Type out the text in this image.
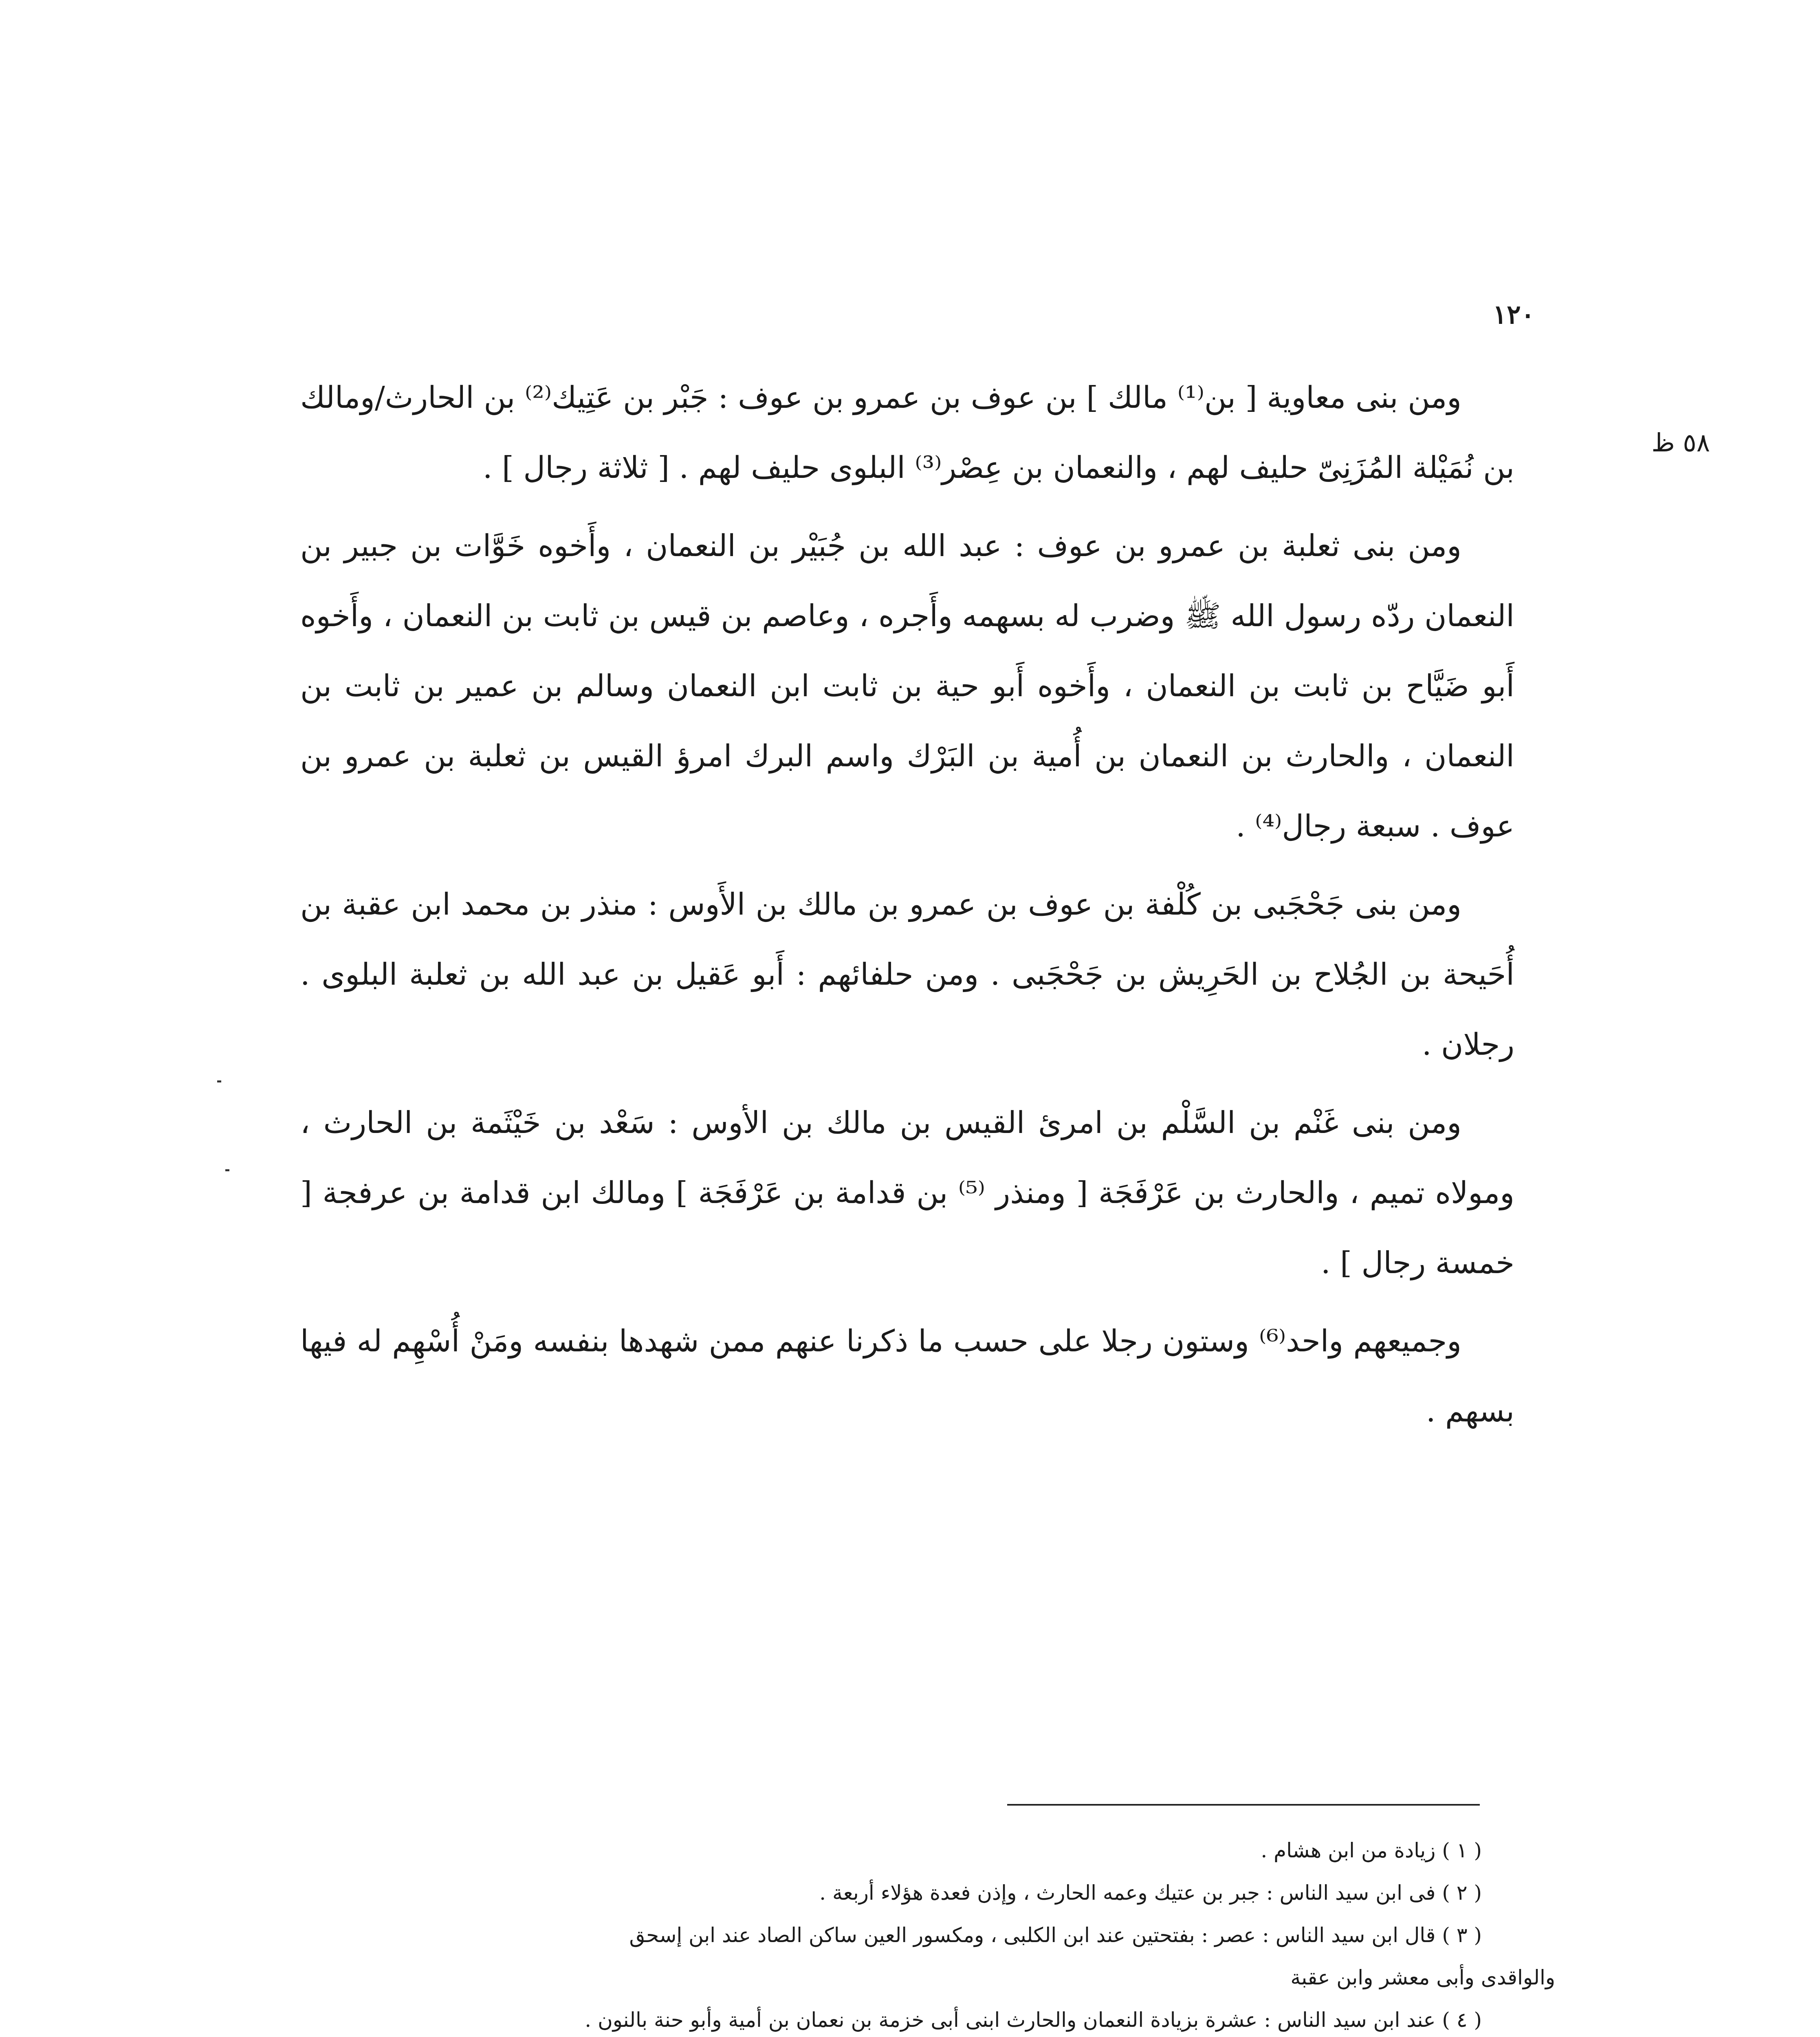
١٢٠
٥٨ ظ

ومن بنى معاوية [ بن⁽¹⁾ مالك ] بن عوف بن عمرو بن عوف : جَبْر بن عَتِيك⁽²⁾ بن الحارث/ومالك بن نُمَيْلة المُزَنِىّ حليف لهم ، والنعمان بن عِصْر⁽³⁾ البلوى حليف لهم . [ ثلاثة رجال ] .

ومن بنى ثعلبة بن عمرو بن عوف : عبد الله بن جُبَيْر بن النعمان ، وأَخوه خَوَّات بن جبير بن النعمان ردّه رسول الله ﷺ وضرب له بسهمه وأَجره ، وعاصم بن قيس بن ثابت بن النعمان ، وأَخوه أَبو ضَيَّاح بن ثابت بن النعمان ، وأَخوه أَبو حية بن ثابت ابن النعمان وسالم بن عمير بن ثابت بن النعمان ، والحارث بن النعمان بن أُمية بن البَرْك واسم البرك امرؤ القيس بن ثعلبة بن عمرو بن عوف . سبعة رجال⁽⁴⁾ .

ومن بنى جَحْجَبى بن كُلْفة بن عوف بن عمرو بن مالك بن الأَوس : منذر بن محمد ابن عقبة بن أُحَيحة بن الجُلاح بن الحَرِيش بن جَحْجَبى . ومن حلفائهم : أَبو عَقيل بن عبد الله بن ثعلبة البلوى . رجلان .

ومن بنى غَنْم بن السَّلْم بن امرئ القيس بن مالك بن الأوس : سَعْد بن خَيْثَمة بن الحارث ، ومولاه تميم ، والحارث بن عَرْفَجَة [ ومنذر ⁽⁵⁾ بن قدامة بن عَرْفَجَة ] ومالك ابن قدامة بن عرفجة [ خمسة رجال ] .

وجميعهم واحد⁽⁶⁾ وستون رجلا على حسب ما ذكرنا عنهم ممن شهدها بنفسه ومَنْ أُسْهِم له فيها بسهم .

( ١ ) زيادة من ابن هشام .

( ٢ ) فى ابن سيد الناس : جبر بن عتيك وعمه الحارث ، وإذن فعدة هؤلاء أربعة .

( ٣ ) قال ابن سيد الناس : عصر : بفتحتين عند ابن الكلبى ، ومكسور العين ساكن الصاد عند ابن إسحق

والواقدى وأبى معشر وابن عقبة

( ٤ ) عند ابن سيد الناس : عشرة بزيادة النعمان والحارث ابنى أبى خزمة بن نعمان بن أمية وأبو حنة بالنون .
